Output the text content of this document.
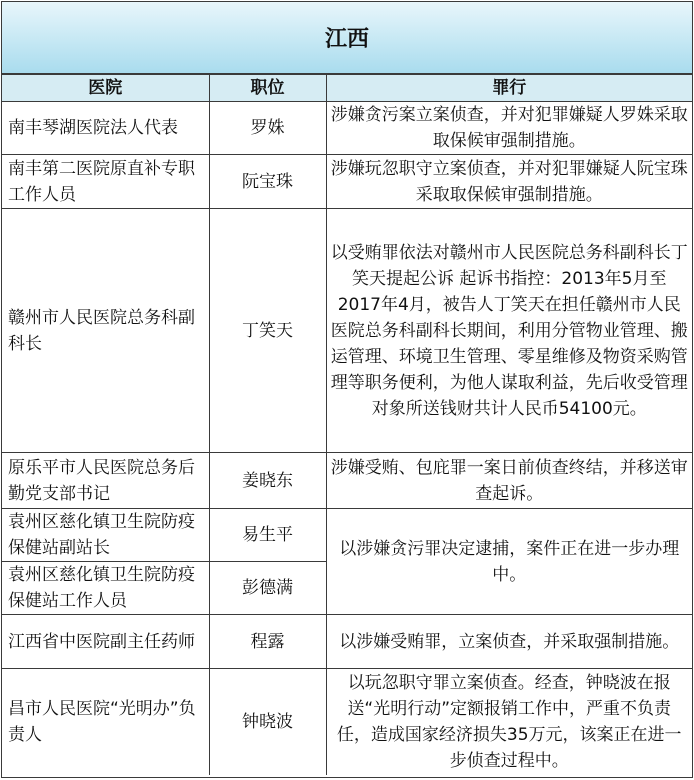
江西
医院	职位	罪行
南丰琴湖医院法人代表	罗姝	涉嫌贪污案立案侦查，并对犯罪嫌疑人罗姝采取取保候审强制措施。
南丰第二医院原直补专职工作人员	阮宝珠	涉嫌玩忽职守立案侦查，并对犯罪嫌疑人阮宝珠采取取保候审强制措施。
赣州市人民医院总务科副科长	丁笑天	以受贿罪依法对赣州市人民医院总务科副科长丁笑天提起公诉 起诉书指控：2013年5月至2017年4月，被告人丁笑天在担任赣州市人民医院总务科副科长期间，利用分管物业管理、搬运管理、环境卫生管理、零星维修及物资采购管理等职务便利，为他人谋取利益，先后收受管理对象所送钱财共计人民币54100元。
原乐平市人民医院总务后勤党支部书记	姜晓东	涉嫌受贿、包庇罪一案日前侦查终结，并移送审查起诉。
袁州区慈化镇卫生院防疫保健站副站长	易生平	以涉嫌贪污罪决定逮捕，案件正在进一步办理中。
袁州区慈化镇卫生院防疫保健站工作人员	彭德满	
江西省中医院副主任药师	程露	以涉嫌受贿罪，立案侦查，并采取强制措施。
昌市人民医院“光明办”负责人	钟晓波	以玩忽职守罪立案侦查。经查，钟晓波在报送“光明行动”定额报销工作中，严重不负责任，造成国家经济损失35万元，该案正在进一步侦查过程中。
